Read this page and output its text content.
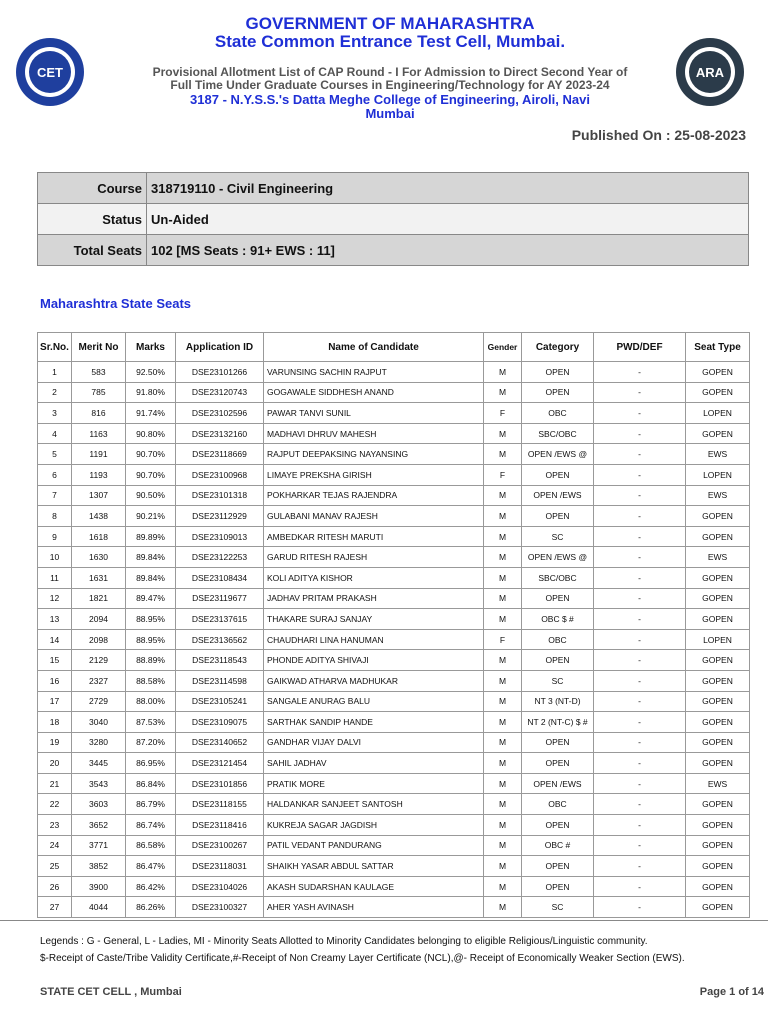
CET	ARA
GOVERNMENT OF MAHARASHTRA
State Common Entrance Test Cell, Mumbai.
Provisional Allotment List of CAP Round - I For Admission to Direct Second Year of
Full Time Under Graduate Courses in Engineering/Technology for AY 2023-24
3187 - N.Y.S.S.'s Datta Meghe College of Engineering, Airoli, Navi
Mumbai
Published On : 25-08-2023
Course	318719110 - Civil Engineering
Status	Un-Aided
Total Seats	102 [MS Seats : 91+ EWS : 11]
Maharashtra State Seats
Sr.No.	Merit No	Marks	Application ID	Name of Candidate	Gender	Category	PWD/DEF	Seat Type
1	583	92.50%	DSE23101266	VARUNSING SACHIN RAJPUT	M	OPEN	-	GOPEN
2	785	91.80%	DSE23120743	GOGAWALE SIDDHESH ANAND	M	OPEN	-	GOPEN
3	816	91.74%	DSE23102596	PAWAR TANVI SUNIL	F	OBC	-	LOPEN
4	1163	90.80%	DSE23132160	MADHAVI DHRUV MAHESH	M	SBC/OBC	-	GOPEN
5	1191	90.70%	DSE23118669	RAJPUT DEEPAKSING NAYANSING	M	OPEN /EWS @	-	EWS
6	1193	90.70%	DSE23100968	LIMAYE PREKSHA GIRISH	F	OPEN	-	LOPEN
7	1307	90.50%	DSE23101318	POKHARKAR TEJAS RAJENDRA	M	OPEN /EWS	-	EWS
8	1438	90.21%	DSE23112929	GULABANI MANAV RAJESH	M	OPEN	-	GOPEN
9	1618	89.89%	DSE23109013	AMBEDKAR RITESH MARUTI	M	SC	-	GOPEN
10	1630	89.84%	DSE23122253	GARUD RITESH RAJESH	M	OPEN /EWS @	-	EWS
11	1631	89.84%	DSE23108434	KOLI ADITYA KISHOR	M	SBC/OBC	-	GOPEN
12	1821	89.47%	DSE23119677	JADHAV PRITAM PRAKASH	M	OPEN	-	GOPEN
13	2094	88.95%	DSE23137615	THAKARE SURAJ SANJAY	M	OBC $ #	-	GOPEN
14	2098	88.95%	DSE23136562	CHAUDHARI LINA HANUMAN	F	OBC	-	LOPEN
15	2129	88.89%	DSE23118543	PHONDE ADITYA SHIVAJI	M	OPEN	-	GOPEN
16	2327	88.58%	DSE23114598	GAIKWAD ATHARVA MADHUKAR	M	SC	-	GOPEN
17	2729	88.00%	DSE23105241	SANGALE ANURAG BALU	M	NT 3 (NT-D)	-	GOPEN
18	3040	87.53%	DSE23109075	SARTHAK SANDIP HANDE	M	NT 2 (NT-C) $ #	-	GOPEN
19	3280	87.20%	DSE23140652	GANDHAR VIJAY DALVI	M	OPEN	-	GOPEN
20	3445	86.95%	DSE23121454	SAHIL JADHAV	M	OPEN	-	GOPEN
21	3543	86.84%	DSE23101856	PRATIK MORE	M	OPEN /EWS	-	EWS
22	3603	86.79%	DSE23118155	HALDANKAR SANJEET SANTOSH	M	OBC	-	GOPEN
23	3652	86.74%	DSE23118416	KUKREJA SAGAR JAGDISH	M	OPEN	-	GOPEN
24	3771	86.58%	DSE23100267	PATIL VEDANT PANDURANG	M	OBC #	-	GOPEN
25	3852	86.47%	DSE23118031	SHAIKH YASAR ABDUL SATTAR	M	OPEN	-	GOPEN
26	3900	86.42%	DSE23104026	AKASH SUDARSHAN KAULAGE	M	OPEN	-	GOPEN
27	4044	86.26%	DSE23100327	AHER YASH AVINASH	M	SC	-	GOPEN
Legends : G - General, L - Ladies, MI - Minority Seats Allotted to Minority Candidates belonging to eligible Religious/Linguistic community.
$-Receipt of Caste/Tribe Validity Certificate,#-Receipt of Non Creamy Layer Certificate (NCL),@- Receipt of Economically Weaker Section (EWS).
STATE CET CELL , Mumbai	Page 1 of 14
